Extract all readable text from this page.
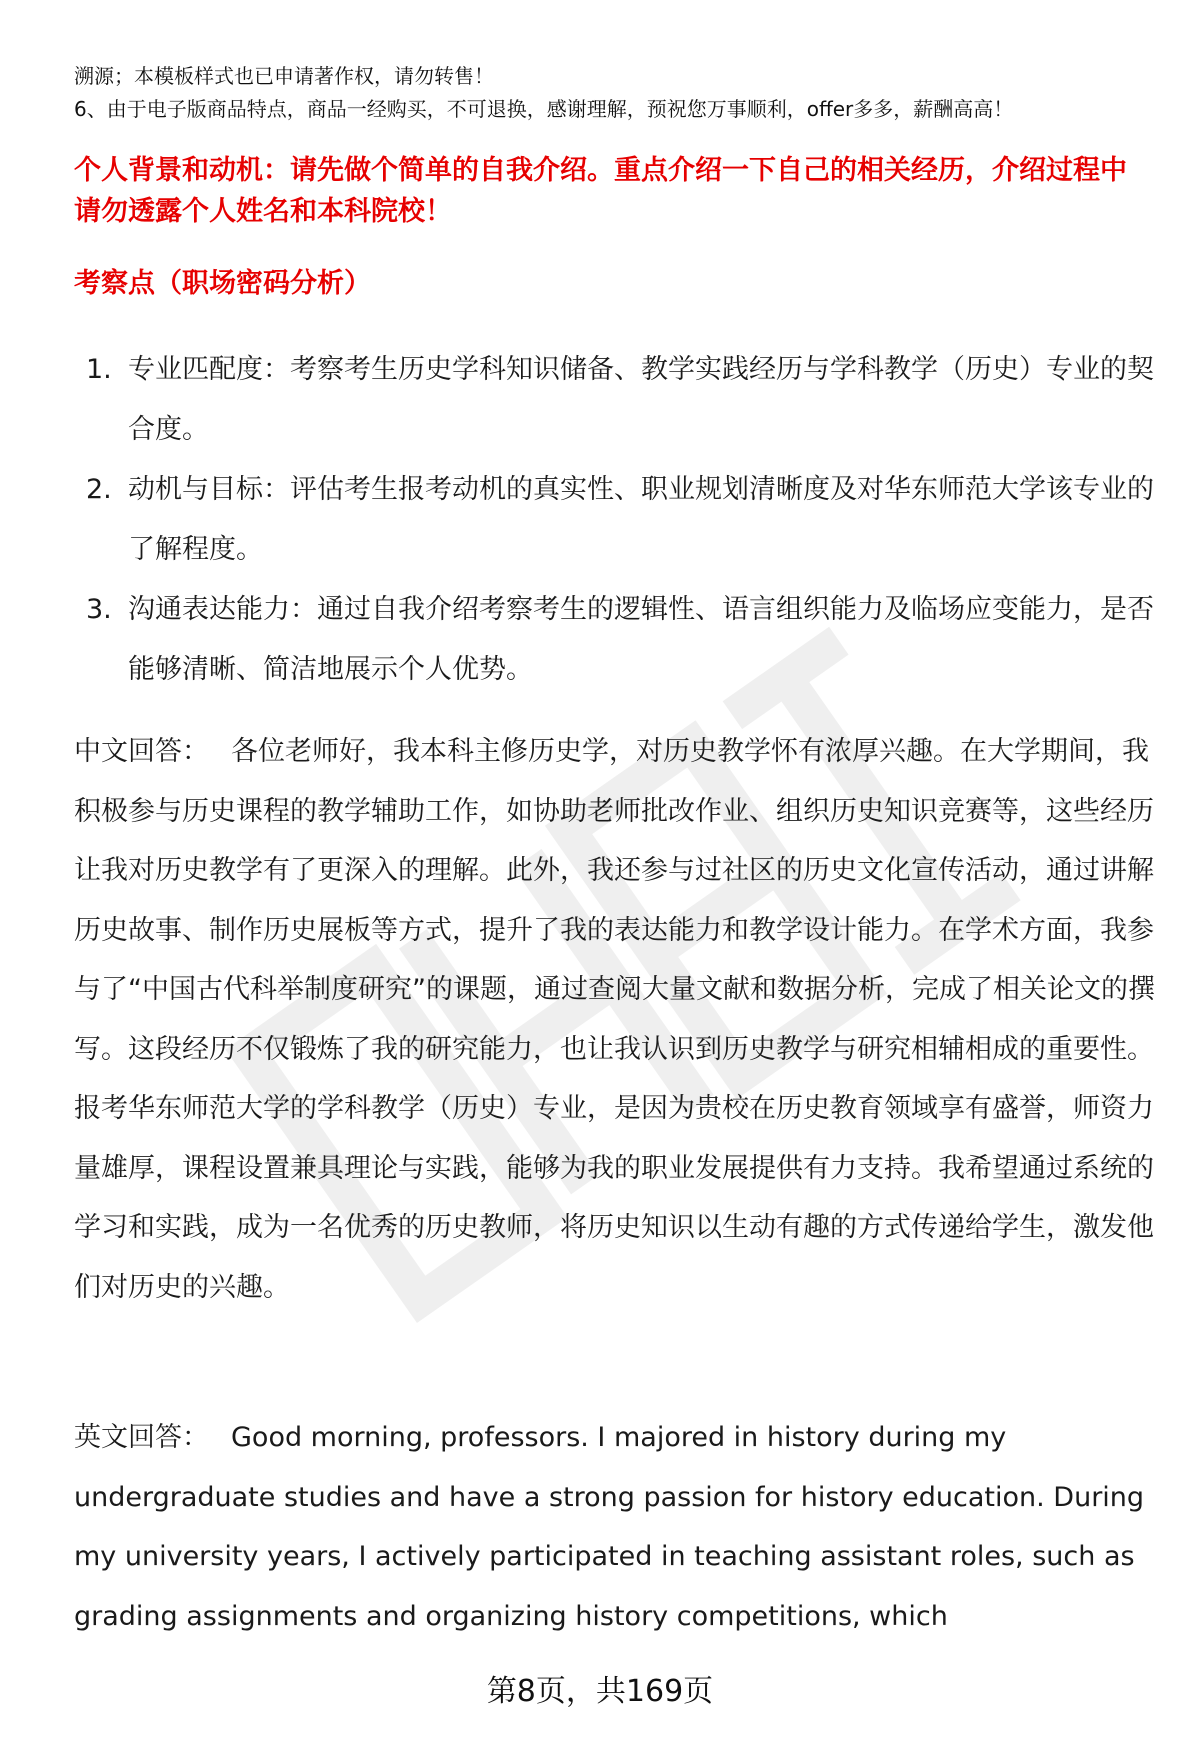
溯源；本模板样式也已申请著作权，请勿转售！

6、由于电子版商品特点，商品一经购买，不可退换，感谢理解，预祝您万事顺利，offer多多，薪酬高高！

个人背景和动机：请先做个简单的自我介绍。重点介绍一下自己的相关经历，介绍过程中请勿透露个人姓名和本科院校！
考察点（职场密码分析）
1. 专业匹配度：考察考生历史学科知识储备、教学实践经历与学科教学（历史）专业的契合度。
2. 动机与目标：评估考生报考动机的真实性、职业规划清晰度及对华东师范大学该专业的了解程度。
3. 沟通表达能力：通过自我介绍考察考生的逻辑性、语言组织能力及临场应变能力，是否能够清晰、简洁地展示个人优势。

中文回答： 各位老师好，我本科主修历史学，对历史教学怀有浓厚兴趣。在大学期间，我积极参与历史课程的教学辅助工作，如协助老师批改作业、组织历史知识竞赛等，这些经历让我对历史教学有了更深入的理解。此外，我还参与过社区的历史文化宣传活动，通过讲解历史故事、制作历史展板等方式，提升了我的表达能力和教学设计能力。在学术方面，我参与了“中国古代科举制度研究”的课题，通过查阅大量文献和数据分析，完成了相关论文的撰写。这段经历不仅锻炼了我的研究能力，也让我认识到历史教学与研究相辅相成的重要性。报考华东师范大学的学科教学（历史）专业，是因为贵校在历史教育领域享有盛誉，师资力量雄厚，课程设置兼具理论与实践，能够为我的职业发展提供有力支持。我希望通过系统的学习和实践，成为一名优秀的历史教师，将历史知识以生动有趣的方式传递给学生，激发他们对历史的兴趣。

英文回答： Good morning, professors. I majored in history during my undergraduate studies and have a strong passion for history education. During my university years, I actively participated in teaching assistant roles, such as grading assignments and organizing history competitions, which

第8页，共169页
